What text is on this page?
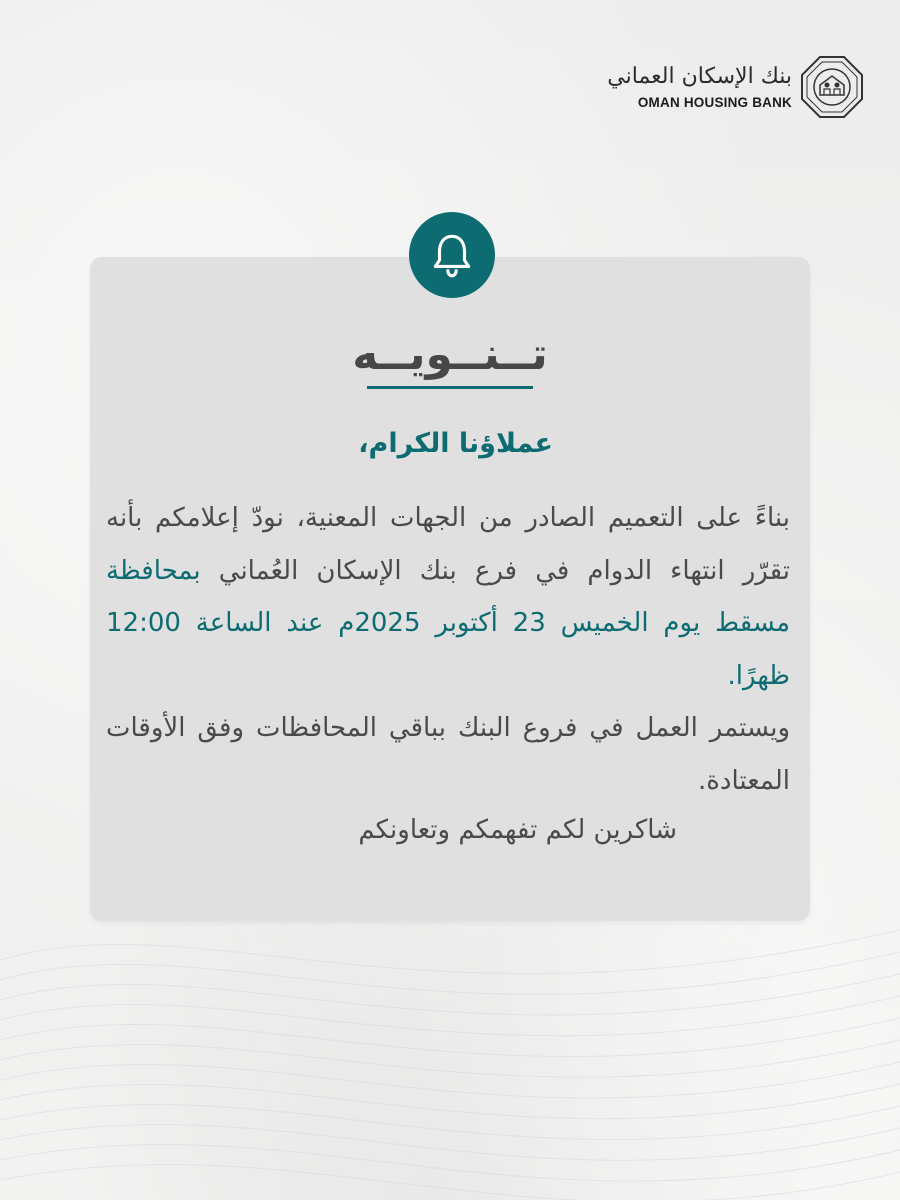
بنك الإسكان العماني
OMAN HOUSING BANK
تــنــويــه
عملاؤنا الكرام،
بناءً على التعميم الصادر من الجهات المعنية، نودّ إعلامكم بأنه تقرّر انتهاء الدوام في فرع بنك الإسكان العُماني بمحافظة مسقط يوم الخميس 23 أكتوبر 2025م عند الساعة 12:00 ظهرًا.
ويستمر العمل في فروع البنك بباقي المحافظات وفق الأوقات المعتادة.
شاكرين لكم تفهمكم وتعاونكم
